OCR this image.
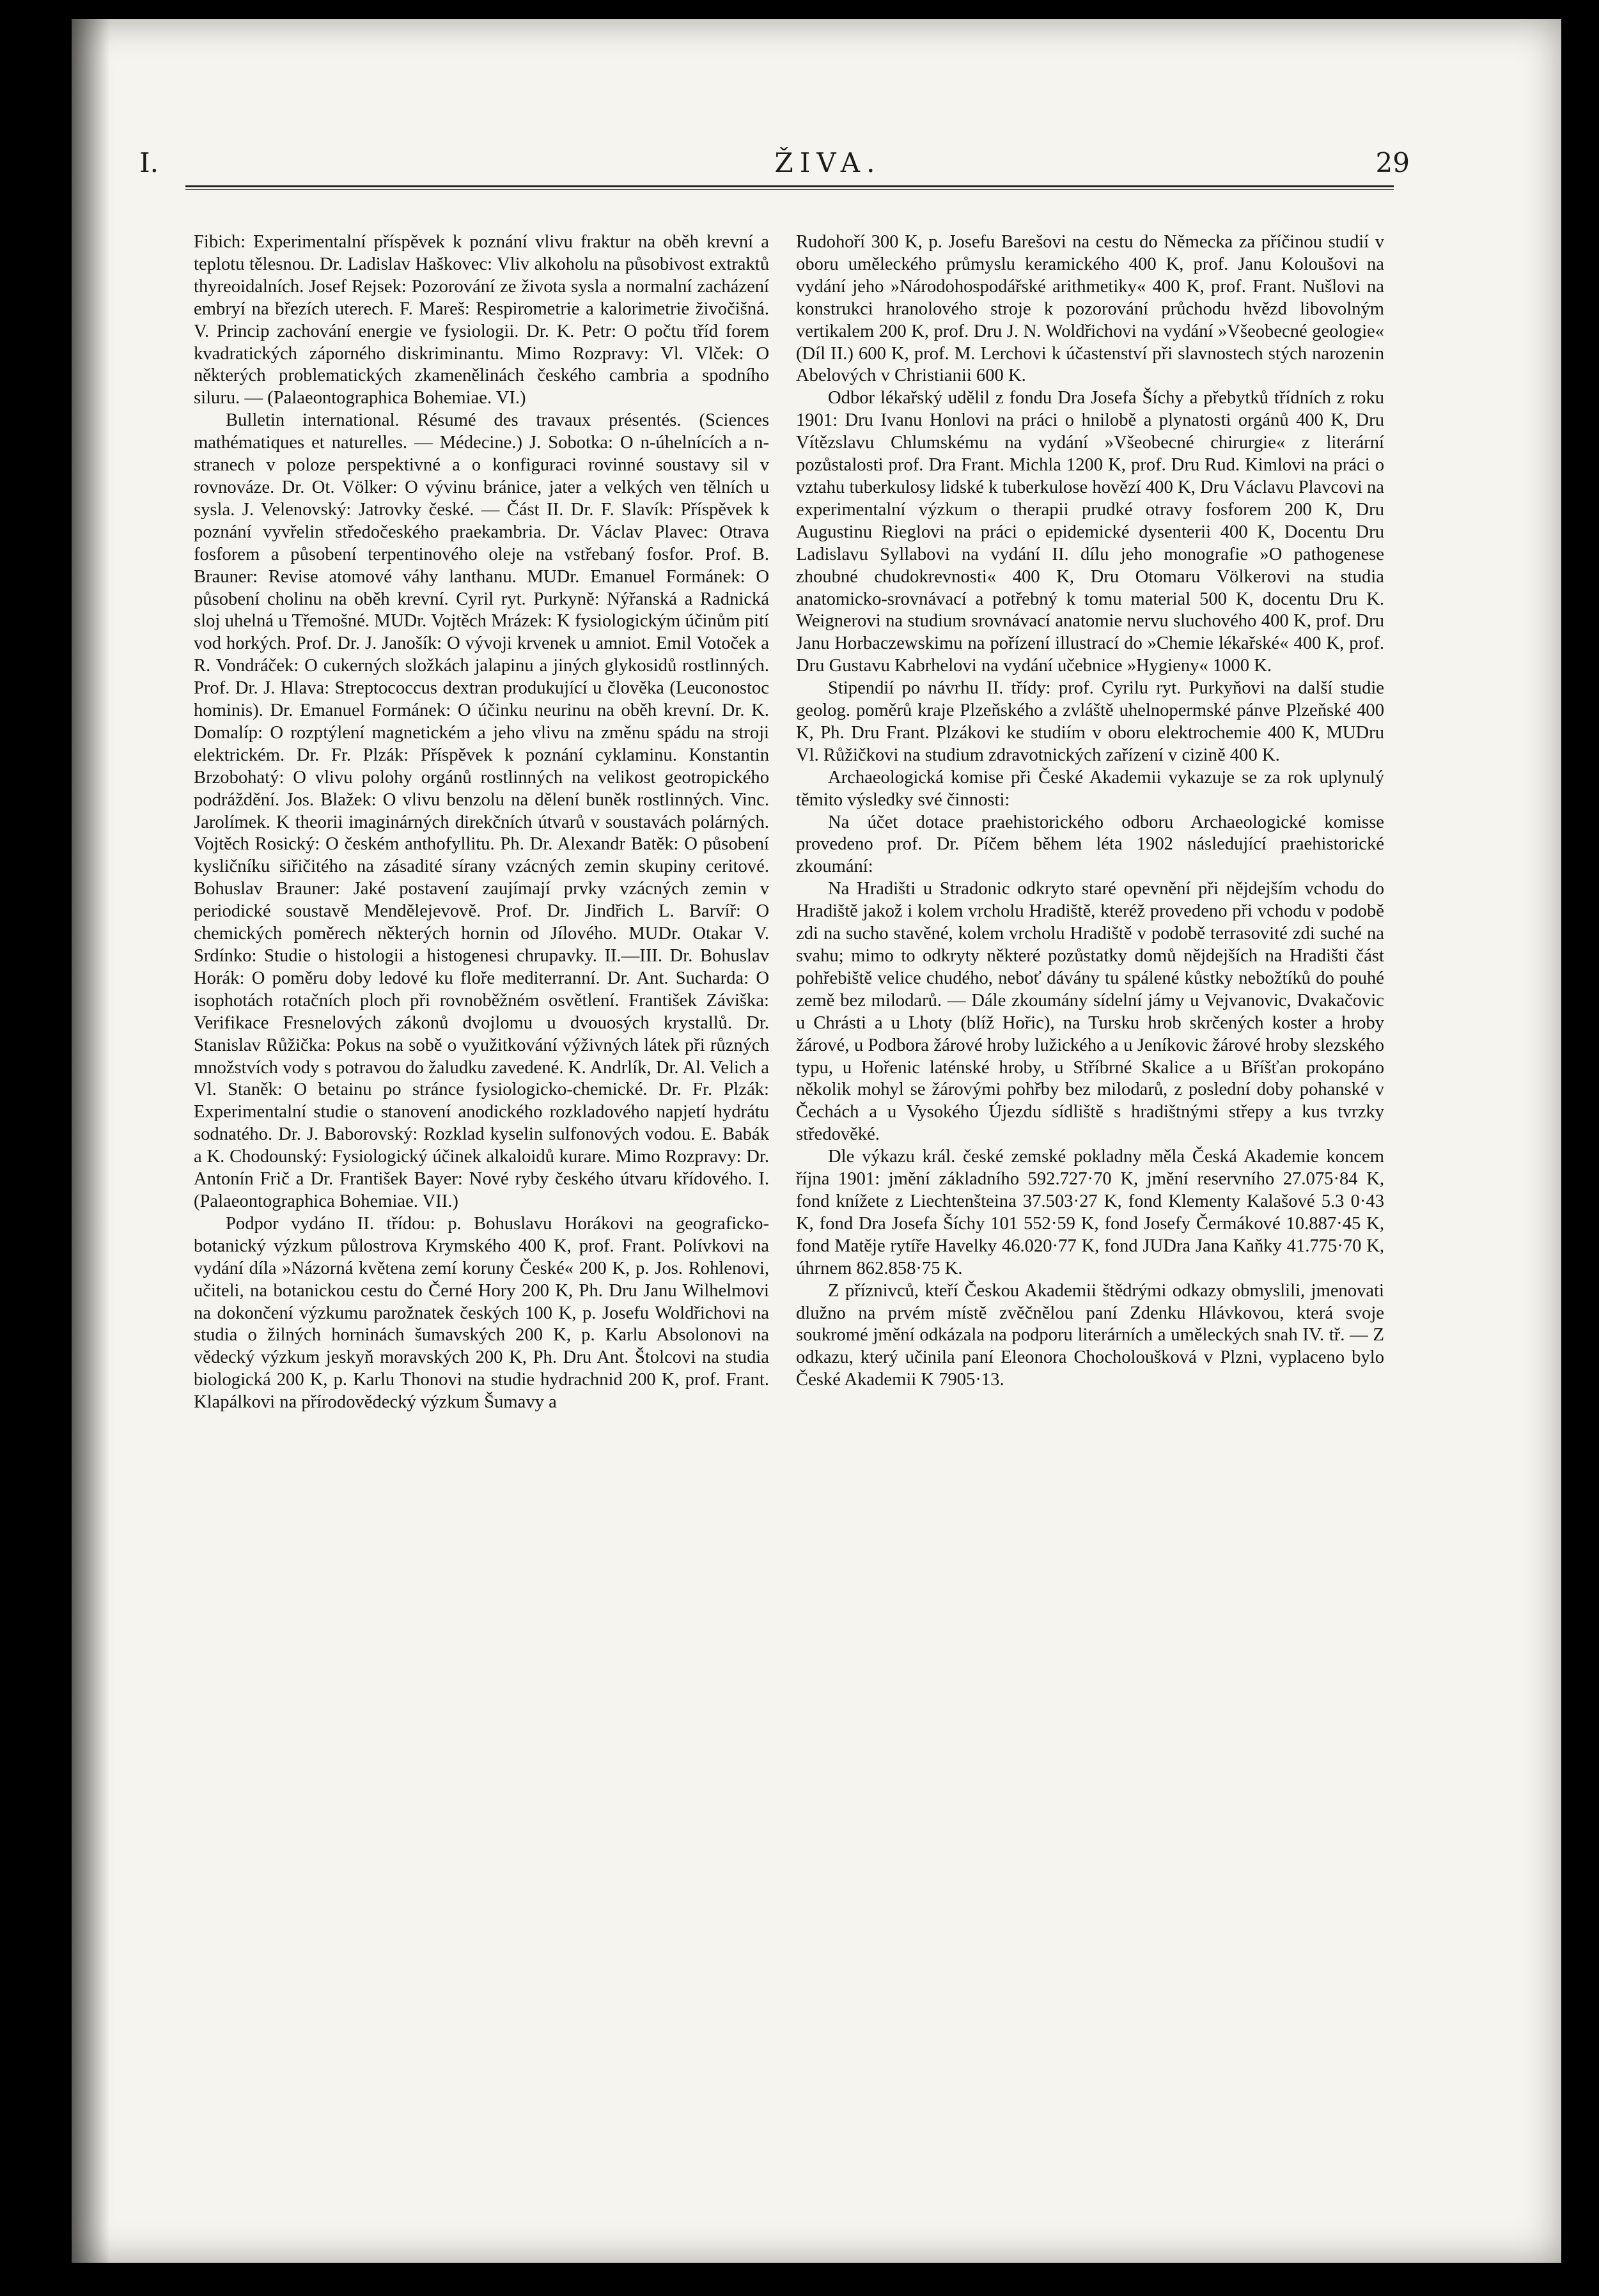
I.	ŽIVA.	29

Fibich: Experimentalní příspěvek k poznání vlivu fraktur na oběh krevní a teplotu tělesnou. Dr. Ladislav Haškovec: Vliv alkoholu na působivost extraktů thyreoidalních. Josef Rejsek: Pozorování ze života sysla a normalní zacházení embryí na březích uterech. F. Mareš: Respirometrie a kalorimetrie živočišná. V. Princip zachování energie ve fysiologii. Dr. K. Petr: O počtu tříd forem kvadratických záporného diskriminantu. Mimo Rozpravy: Vl. Vlček: O některých problematických zkamenělinách českého cambria a spodního siluru. — (Palaeontographica Bohemiae. VI.)

Bulletin international. Résumé des travaux présentés. (Sciences mathématiques et naturelles. — Médecine.) J. Sobotka: O n-úhelnících a n-stranech v poloze perspektivné a o konfiguraci rovinné soustavy sil v rovnováze. Dr. Ot. Völker: O vývinu bránice, jater a velkých ven tělních u sysla. J. Velenovský: Jatrovky české. — Část II. Dr. F. Slavík: Příspěvek k poznání vyvřelin středočeského praekambria. Dr. Václav Plavec: Otrava fosforem a působení terpentinového oleje na vstřebaný fosfor. Prof. B. Brauner: Revise atomové váhy lanthanu. MUDr. Emanuel Formánek: O působení cholinu na oběh krevní. Cyril ryt. Purkyně: Nýřanská a Radnická sloj uhelná u Třemošné. MUDr. Vojtěch Mrázek: K fysiologickým účinům pití vod horkých. Prof. Dr. J. Janošík: O vývoji krvenek u amniot. Emil Votoček a R. Vondráček: O cukerných složkách jalapinu a jiných glykosidů rostlinných. Prof. Dr. J. Hlava: Streptococcus dextran produkující u člověka (Leuconostoc hominis). Dr. Emanuel Formánek: O účinku neurinu na oběh krevní. Dr. K. Domalíp: O rozptýlení magnetickém a jeho vlivu na změnu spádu na stroji elektrickém. Dr. Fr. Plzák: Příspěvek k poznání cyklaminu. Konstantin Brzobohatý: O vlivu polohy orgánů rostlinných na velikost geotropického podráždění. Jos. Blažek: O vlivu benzolu na dělení buněk rostlinných. Vinc. Jarolímek. K theorii imaginárných direkčních útvarů v soustavách polárných. Vojtěch Rosický: O českém anthofyllitu. Ph. Dr. Alexandr Batěk: O působení kysličníku siřičitého na zásadité sírany vzácných zemin skupiny ceritové. Bohuslav Brauner: Jaké postavení zaujímají prvky vzácných zemin v periodické soustavě Mendělejevově. Prof. Dr. Jindřich L. Barvíř: O chemických poměrech některých hornin od Jílového. MUDr. Otakar V. Srdínko: Studie o histologii a histogenesi chrupavky. II.—III. Dr. Bohuslav Horák: O poměru doby ledové ku floře mediterranní. Dr. Ant. Sucharda: O isophotách rotačních ploch při rovnoběžném osvětlení. František Záviška: Verifikace Fresnelových zákonů dvojlomu u dvouosých krystallů. Dr. Stanislav Růžička: Pokus na sobě o využitkování výživných látek při různých množstvích vody s potravou do žaludku zavedené. K. Andrlík, Dr. Al. Velich a Vl. Staněk: O betainu po stránce fysiologicko-chemické. Dr. Fr. Plzák: Experimentalní studie o stanovení anodického rozkladového napjetí hydrátu sodnatého. Dr. J. Baborovský: Rozklad kyselin sulfonových vodou. E. Babák a K. Chodounský: Fysiologický účinek alkaloidů kurare. Mimo Rozpravy: Dr. Antonín Frič a Dr. František Bayer: Nové ryby českého útvaru křídového. I. (Palaeontographica Bohemiae. VII.)

Podpor vydáno II. třídou: p. Bohuslavu Horákovi na geograficko-botanický výzkum půlostrova Krymského 400 K, prof. Frant. Polívkovi na vydání díla »Názorná květena zemí koruny České« 200 K, p. Jos. Rohlenovi, učiteli, na botanickou cestu do Černé Hory 200 K, Ph. Dru Janu Wilhelmovi na dokončení výzkumu parožnatek českých 100 K, p. Josefu Woldřichovi na studia o žilných horninách šumavských 200 K, p. Karlu Absolonovi na vědecký výzkum jeskyň moravských 200 K, Ph. Dru Ant. Štolcovi na studia biologická 200 K, p. Karlu Thonovi na studie hydrachnid 200 K, prof. Frant. Klapálkovi na přírodovědecký výzkum Šumavy a

Rudohoří 300 K, p. Josefu Barešovi na cestu do Německa za příčinou studií v oboru uměleckého průmyslu keramického 400 K, prof. Janu Koloušovi na vydání jeho »Národohospodářské arithmetiky« 400 K, prof. Frant. Nušlovi na konstrukci hranolového stroje k pozorování průchodu hvězd libovolným vertikalem 200 K, prof. Dru J. N. Woldřichovi na vydání »Všeobecné geologie« (Díl II.) 600 K, prof. M. Lerchovi k účastenství při slavnostech stých narozenin Abelových v Christianii 600 K.

Odbor lékařský udělil z fondu Dra Josefa Šíchy a přebytků třídních z roku 1901: Dru Ivanu Honlovi na práci o hnilobě a plynatosti orgánů 400 K, Dru Vítězslavu Chlumskému na vydání »Všeobecné chirurgie« z literární pozůstalosti prof. Dra Frant. Michla 1200 K, prof. Dru Rud. Kimlovi na práci o vztahu tuberkulosy lidské k tuberkulose hovězí 400 K, Dru Václavu Plavcovi na experimentalní výzkum o therapii prudké otravy fosforem 200 K, Dru Augustinu Rieglovi na práci o epidemické dysenterii 400 K, Docentu Dru Ladislavu Syllabovi na vydání II. dílu jeho monografie »O pathogenese zhoubné chudokrevnosti« 400 K, Dru Otomaru Völkerovi na studia anatomicko-srovnávací a potřebný k tomu material 500 K, docentu Dru K. Weignerovi na studium srovnávací anatomie nervu sluchového 400 K, prof. Dru Janu Horbaczewskimu na pořízení illustrací do »Chemie lékařské« 400 K, prof. Dru Gustavu Kabrhelovi na vydání učebnice »Hygieny« 1000 K.

Stipendií po návrhu II. třídy: prof. Cyrilu ryt. Purkyňovi na další studie geolog. poměrů kraje Plzeňského a zvláště uhelnopermské pánve Plzeňské 400 K, Ph. Dru Frant. Plzákovi ke studiím v oboru elektrochemie 400 K, MUDru Vl. Růžičkovi na studium zdravotnických zařízení v cizině 400 K.

Archaeologická komise při České Akademii vykazuje se za rok uplynulý těmito výsledky své činnosti:

Na účet dotace praehistorického odboru Archaeologické komisse provedeno prof. Dr. Píčem během léta 1902 následující praehistorické zkoumání:

Na Hradišti u Stradonic odkryto staré opevnění při nějdejším vchodu do Hradiště jakož i kolem vrcholu Hradiště, kteréž provedeno při vchodu v podobě zdi na sucho stavěné, kolem vrcholu Hradiště v podobě terrasovité zdi suché na svahu; mimo to odkryty některé pozůstatky domů nějdejších na Hradišti část pohřebiště velice chudého, neboť dávány tu spálené kůstky nebožtíků do pouhé země bez milodarů. — Dále zkoumány sídelní jámy u Vejvanovic, Dvakačovic u Chrásti a u Lhoty (blíž Hořic), na Tursku hrob skrčených koster a hroby žárové, u Podbora žárové hroby lužického a u Jeníkovic žárové hroby slezského typu, u Hořenic laténské hroby, u Stříbrné Skalice a u Bříšťan prokopáno několik mohyl se žárovými pohřby bez milodarů, z poslední doby pohanské v Čechách a u Vysokého Újezdu sídliště s hradištnými střepy a kus tvrzky středověké.

Dle výkazu král. české zemské pokladny měla Česká Akademie koncem října 1901: jmění základního 592.727·70 K, jmění reservního 27.075·84 K, fond knížete z Liechtenšteina 37.503·27 K, fond Klementy Kalašové 5.3 0·43 K, fond Dra Josefa Šíchy 101 552·59 K, fond Josefy Čermákové 10.887·45 K, fond Matěje rytíře Havelky 46.020·77 K, fond JUDra Jana Kaňky 41.775·70 K, úhrnem 862.858·75 K.

Z příznivců, kteří Českou Akademii štědrými odkazy obmyslili, jmenovati dlužno na prvém místě zvěčnělou paní Zdenku Hlávkovou, která svoje soukromé jmění odkázala na podporu literárních a uměleckých snah IV. tř. — Z odkazu, který učinila paní Eleonora Chocholoušková v Plzni, vyplaceno bylo České Akademii K 7905·13.
